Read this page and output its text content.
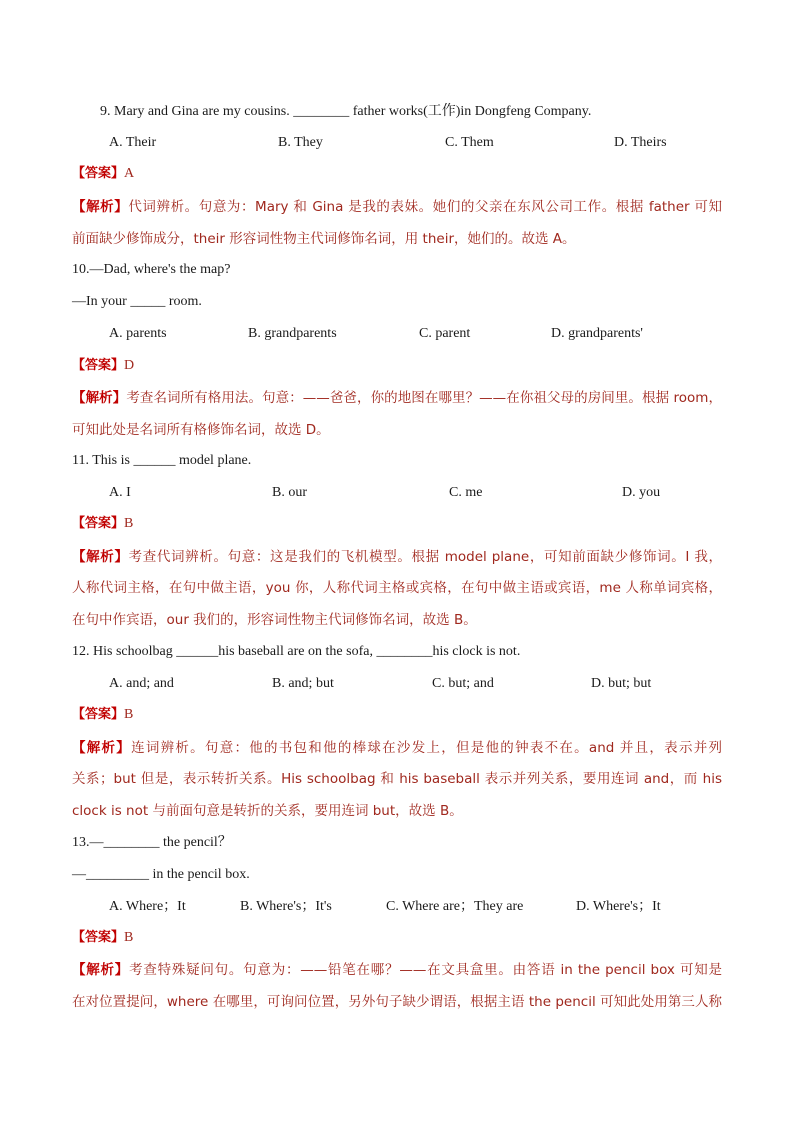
9. Mary and Gina are my cousins. ________ father works(工作)in Dongfeng Company.
A. Their	B. They	C. Them	D. Theirs
【答案】A
【解析】代词辨析。句意为：Mary 和 Gina 是我的表妹。她们的父亲在东风公司工作。根据 father 可知
前面缺少修饰成分，their 形容词性物主代词修饰名词，用 their，她们的。故选 A。
10.—Dad, where's the map?
—In your _____ room.
A. parents	B. grandparents	C. parent	D. grandparents'
【答案】D
【解析】考查名词所有格用法。句意：——爸爸，你的地图在哪里？——在你祖父母的房间里。根据 room，
可知此处是名词所有格修饰名词，故选 D。
11. This is ______ model plane.
A. I	B. our	C. me	D. you
【答案】B
【解析】考查代词辨析。句意：这是我们的飞机模型。根据 model plane，可知前面缺少修饰词。I 我，
人称代词主格，在句中做主语，you 你，人称代词主格或宾格，在句中做主语或宾语，me 人称单词宾格，
在句中作宾语，our 我们的，形容词性物主代词修饰名词，故选 B。
12. His schoolbag ______his baseball are on the sofa, ________his clock is not.
A. and; and	B. and; but	C. but; and	D. but; but
【答案】B
【解析】连词辨析。句意：他的书包和他的棒球在沙发上，但是他的钟表不在。and 并且，表示并列
关系；but 但是，表示转折关系。His schoolbag 和 his baseball 表示并列关系，要用连词 and，而 his
clock is not 与前面句意是转折的关系，要用连词 but，故选 B。
13.—________ the pencil？
—_________ in the pencil box.
A. Where；It	B. Where's；It's	C. Where are；They are	D. Where's；It
【答案】B
【解析】考查特殊疑问句。句意为：——铅笔在哪？——在文具盒里。由答语 in the pencil box 可知是
在对位置提问，where 在哪里，可询问位置，另外句子缺少谓语，根据主语 the pencil 可知此处用第三人称
